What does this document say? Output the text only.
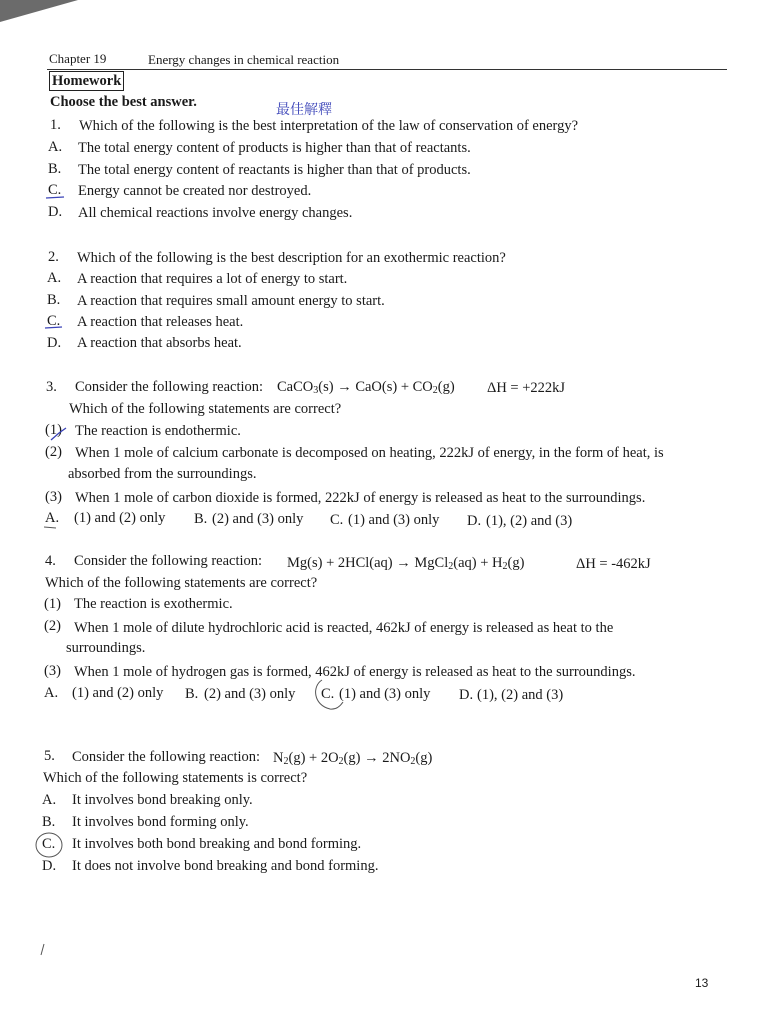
Chapter 19	Energy changes in chemical reaction
Homework
Choose the best answer.	最佳解釋
1. Which of the following is the best interpretation of the law of conservation of energy?
A. The total energy content of products is higher than that of reactants.
B. The total energy content of reactants is higher than that of products.
C. Energy cannot be created nor destroyed.
D. All chemical reactions involve energy changes.
2. Which of the following is the best description for an exothermic reaction?
A. A reaction that requires a lot of energy to start.
B. A reaction that requires small amount energy to start.
C. A reaction that releases heat.
D. A reaction that absorbs heat.
3. Consider the following reaction: CaCO$_3$(s) → $CaO(s) + CO_2(g) \Delta H = +222kJ$
Which of the following statements are correct?
(1) The reaction is endothermic.
(2) When 1 mole of calcium carbonate is decomposed on heating, 222kJ of energy, in the form of heat, is
absorbed from the surroundings.
(3) When 1 mole of carbon dioxide is formed, 222kJ of energy is released as heat to the surroundings.
A. (1) and (2) only B. (2) and (3) only C. (1) and (3) only D. (1), (2) and (3)
4. Consider the following reaction: Mg(s) + 2HCl(aq) → MgCl$_2$(aq) + $H_2(g)$	ΔH = -462kJ
Which of the following statements are correct?
(1) The reaction is exothermic.
(2) When 1 mole of dilute hydrochloric acid is reacted, 462kJ of energy is released as heat to the
surroundings.
(3) When 1 mole of hydrogen gas is formed, 462kJ of energy is released as heat to the surroundings.
A. (1) and (2) only B. (2) and (3) only C. (1) and (3) only D. (1), (2) and (3)
5. Consider the following reaction: $N_2(g) + 2O_2(g) \to 2NO_2(g)$
Which of the following statements is correct?
A. It involves bond breaking only.
B. It involves bond forming only.
C. It involves both bond breaking and bond forming.
D. It does not involve bond breaking and bond forming.
13
